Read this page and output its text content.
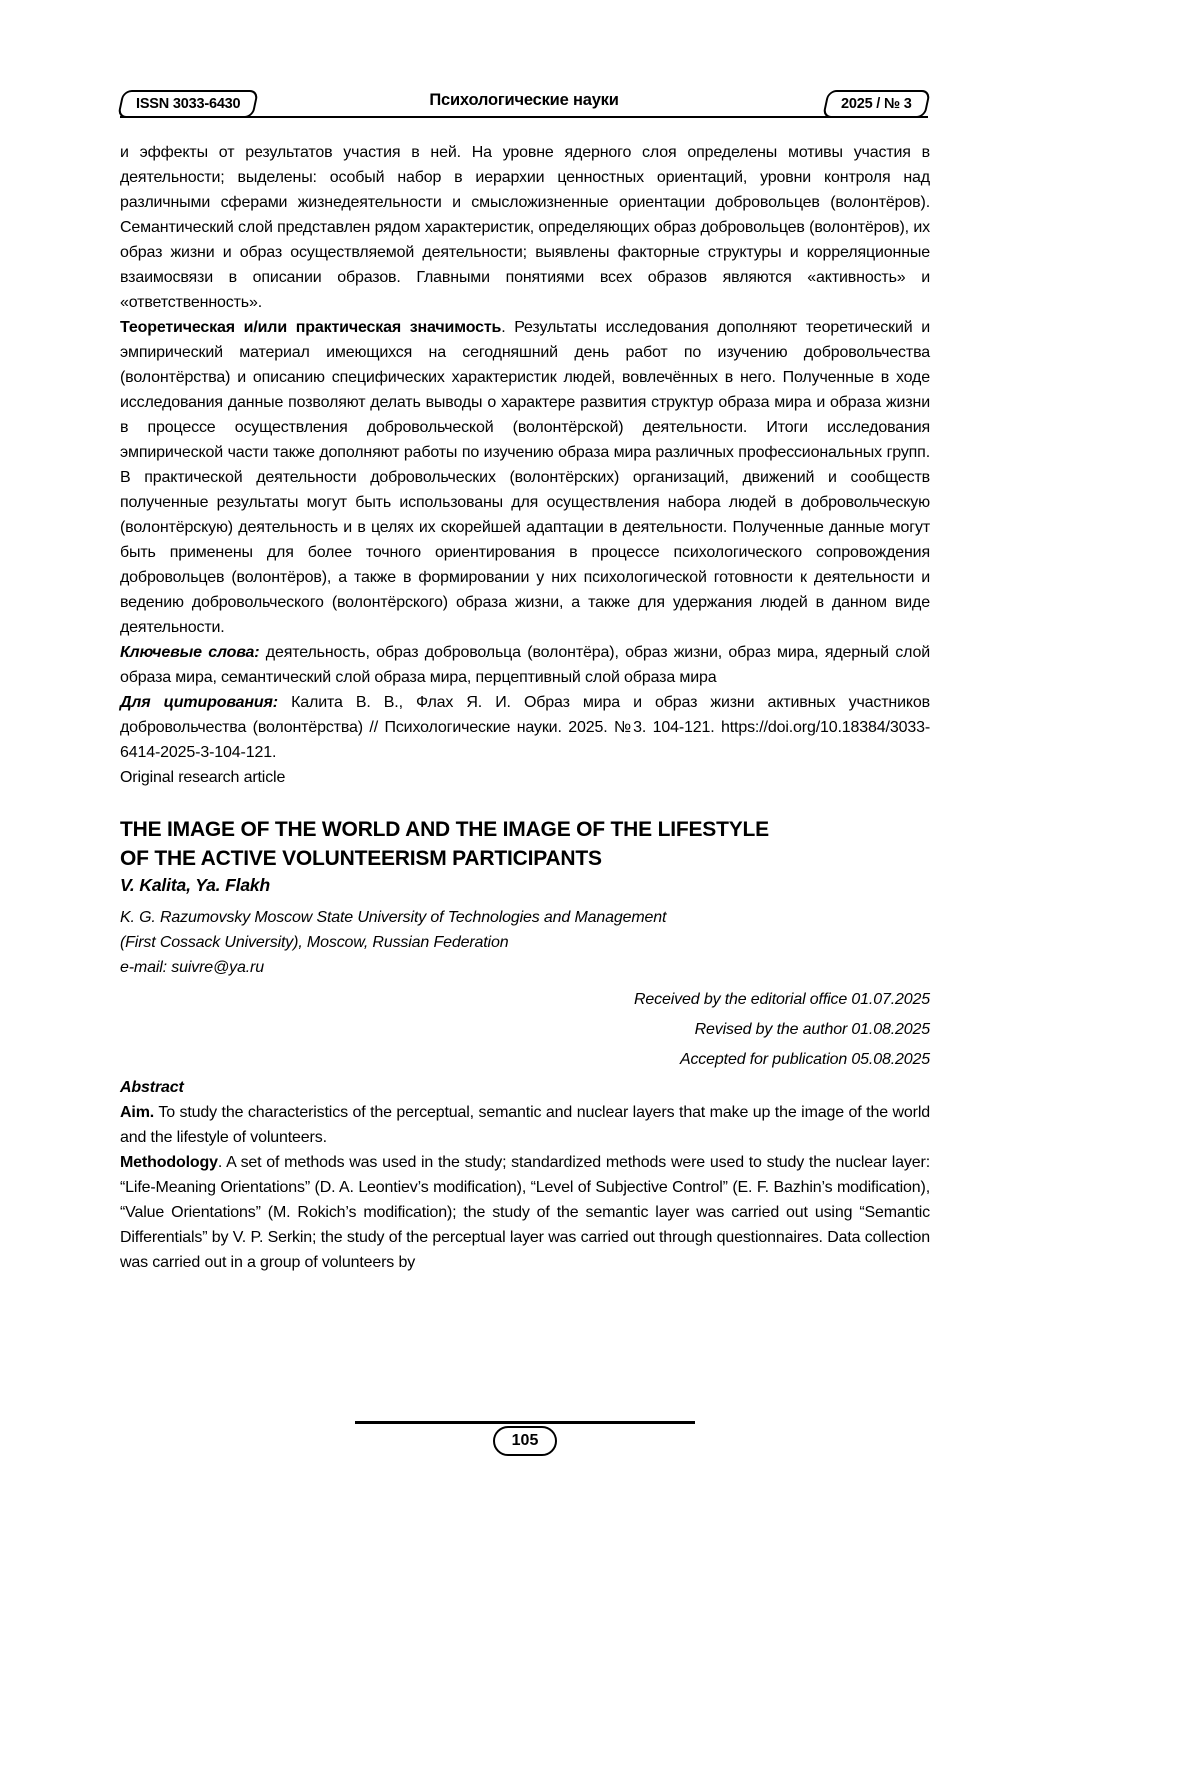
ISSN 3033-6430	Психологические науки	2025 / № 3

и эффекты от результатов участия в ней. На уровне ядерного слоя определены мотивы участия в деятельности; выделены: особый набор в иерархии ценностных ориентаций, уровни контроля над различными сферами жизнедеятельности и смысложизненные ориентации добровольцев (волонтёров). Семантический слой представлен рядом характеристик, определяющих образ добровольцев (волонтёров), их образ жизни и образ осуществляемой деятельности; выявлены факторные структуры и корреляционные взаимосвязи в описании образов. Главными понятиями всех образов являются «активность» и «ответственность».

Теоретическая и/или практическая значимость. Результаты исследования дополняют теоретический и эмпирический материал имеющихся на сегодняшний день работ по изучению добровольчества (волонтёрства) и описанию специфических характеристик людей, вовлечённых в него. Полученные в ходе исследования данные позволяют делать выводы о характере развития структур образа мира и образа жизни в процессе осуществления добровольческой (волонтёрской) деятельности. Итоги исследования эмпирической части также дополняют работы по изучению образа мира различных профессиональных групп. В практической деятельности добровольческих (волонтёрских) организаций, движений и сообществ полученные результаты могут быть использованы для осуществления набора людей в добровольческую (волонтёрскую) деятельность и в целях их скорейшей адаптации в деятельности. Полученные данные могут быть применены для более точного ориентирования в процессе психологического сопровождения добровольцев (волонтёров), а также в формировании у них психологической готовности к деятельности и ведению добровольческого (волонтёрского) образа жизни, а также для удержания людей в данном виде деятельности.

Ключевые слова: деятельность, образ добровольца (волонтёра), образ жизни, образ мира, ядерный слой образа мира, семантический слой образа мира, перцептивный слой образа мира

Для цитирования: Калита В. В., Флах Я. И. Образ мира и образ жизни активных участников добровольчества (волонтёрства) // Психологические науки. 2025. №3. 104-121. https://doi.org/10.18384/3033-6414-2025-3-104-121.

Original research article

THE IMAGE OF THE WORLD AND THE IMAGE OF THE LIFESTYLE
OF THE ACTIVE VOLUNTEERISM PARTICIPANTS

V. Kalita, Ya. Flakh

K. G. Razumovsky Moscow State University of Technologies and Management
(First Cossack University), Moscow, Russian Federation
e-mail: suivre@ya.ru
Received by the editorial office 01.07.2025
Revised by the author 01.08.2025
Accepted for publication 05.08.2025

Abstract

Aim. To study the characteristics of the perceptual, semantic and nuclear layers that make up the image of the world and the lifestyle of volunteers.

Methodology. A set of methods was used in the study; standardized methods were used to study the nuclear layer: “Life-Meaning Orientations” (D. A. Leontiev’s modification), “Level of Subjective Control” (E. F. Bazhin’s modification), “Value Orientations” (M. Rokich’s modification); the study of the semantic layer was carried out using “Semantic Differentials” by V. P. Serkin; the study of the perceptual layer was carried out through questionnaires. Data collection was carried out in a group of volunteers by

105
